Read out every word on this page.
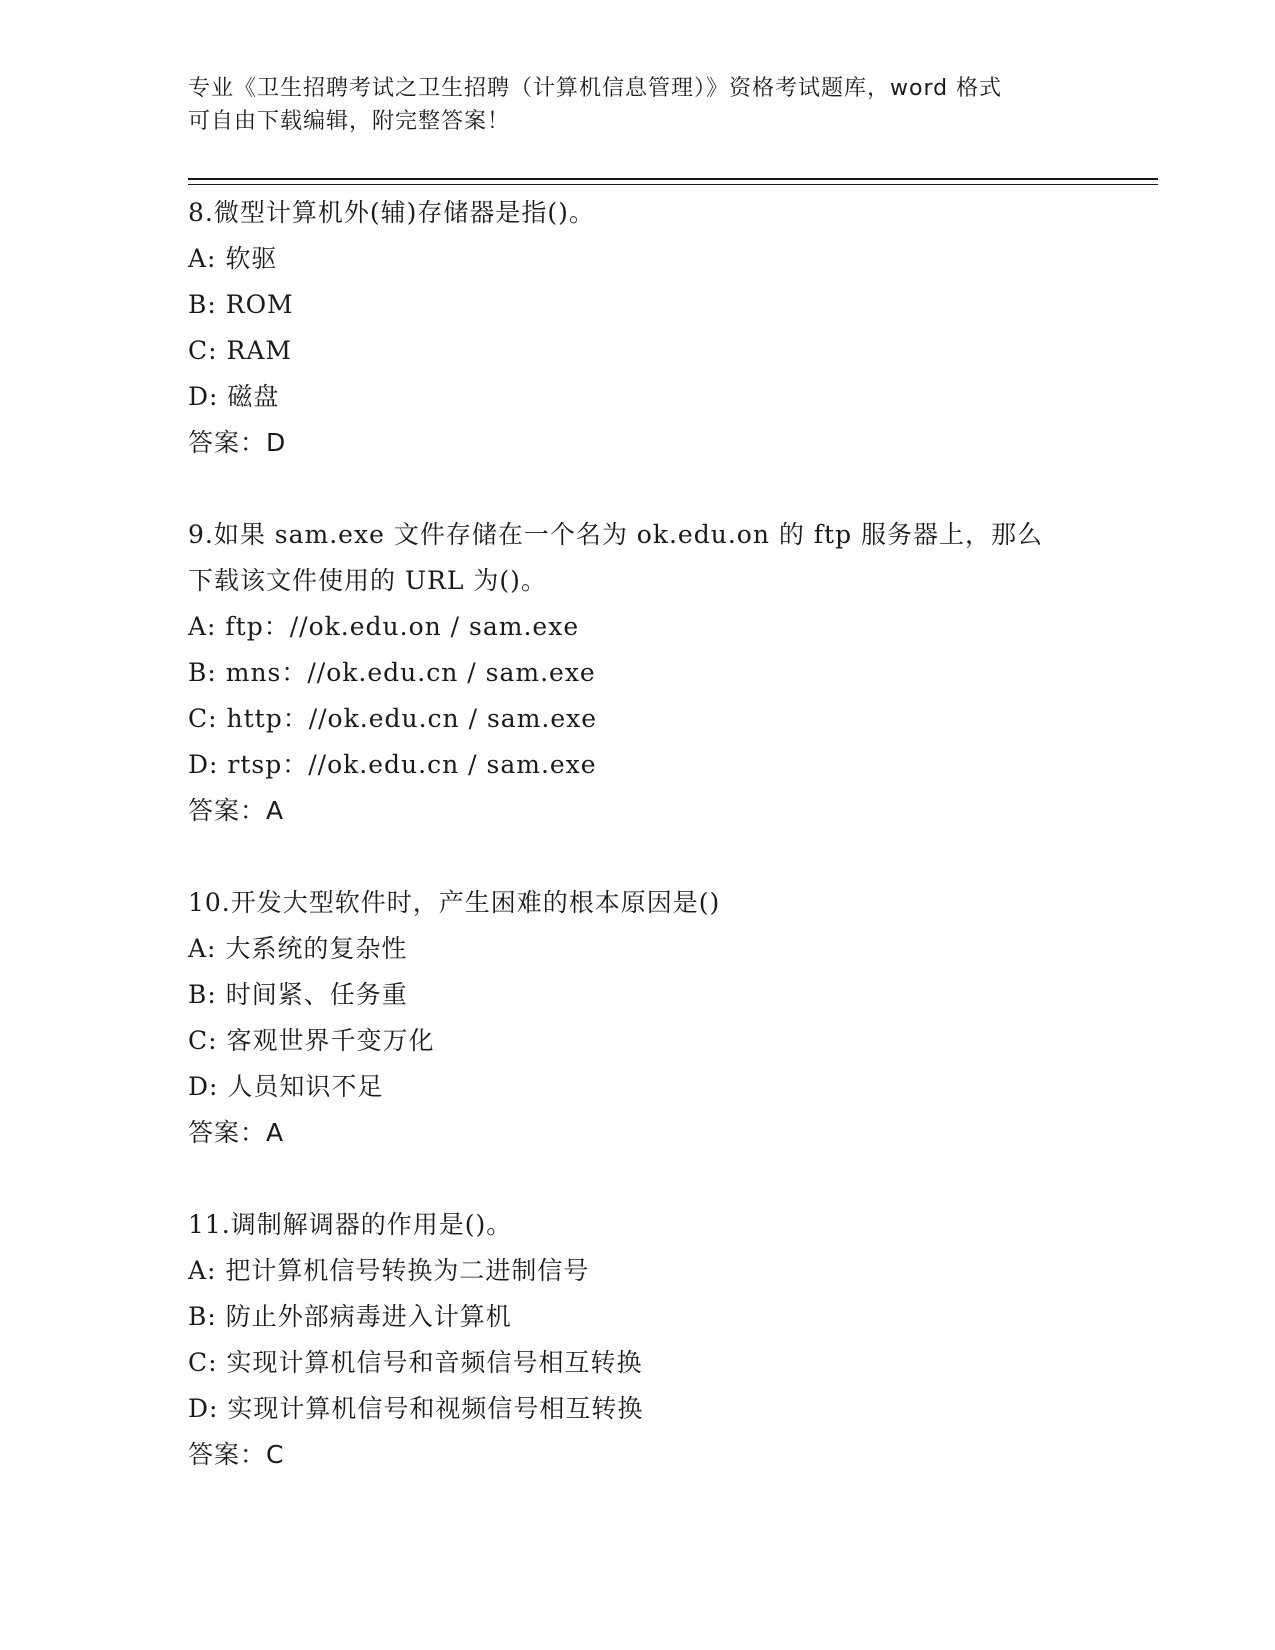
专业《卫生招聘考试之卫生招聘（计算机信息管理）》资格考试题库，word 格式
可自由下载编辑，附完整答案！
8.微型计算机外(辅)存储器是指()。
A: 软驱
B: ROM
C: RAM
D: 磁盘
答案：D
9.如果 sam.exe 文件存储在一个名为 ok.edu.on 的 ftp 服务器上，那么下载该文件使用的 URL 为()。
A: ftp：//ok.edu.on / sam.exe
B: mns：//ok.edu.cn / sam.exe
C: http：//ok.edu.cn / sam.exe
D: rtsp：//ok.edu.cn / sam.exe
答案：A
10.开发大型软件时，产生困难的根本原因是()
A: 大系统的复杂性
B: 时间紧、任务重
C: 客观世界千变万化
D: 人员知识不足
答案：A
11.调制解调器的作用是()。
A: 把计算机信号转换为二进制信号
B: 防止外部病毒进入计算机
C: 实现计算机信号和音频信号相互转换
D: 实现计算机信号和视频信号相互转换
答案：C
